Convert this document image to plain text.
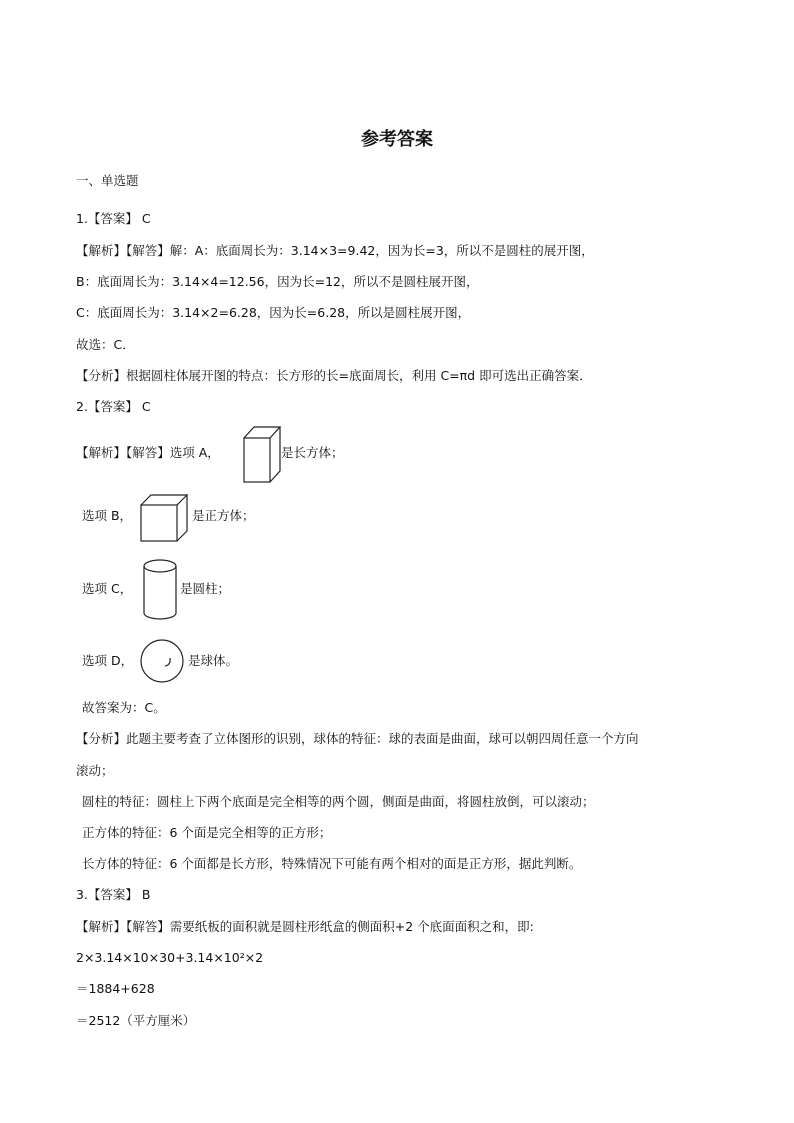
参考答案
一、单选题
1.【答案】 C
【解析】【解答】解：A：底面周长为：3.14×3=9.42，因为长=3，所以不是圆柱的展开图，
B：底面周长为：3.14×4=12.56，因为长=12，所以不是圆柱展开图，
C：底面周长为：3.14×2=6.28，因为长=6.28，所以是圆柱展开图，
故选：C．
【分析】根据圆柱体展开图的特点：长方形的长=底面周长，利用 C=πd 即可选出正确答案．
2.【答案】 C
【解析】【解答】选项 A，	是长方体；
选项 B，	是正方体；
选项 C，	是圆柱；
选项 D，	是球体。
故答案为：C。
【分析】此题主要考查了立体图形的识别，球体的特征：球的表面是曲面，球可以朝四周任意一个方向
滚动；
圆柱的特征：圆柱上下两个底面是完全相等的两个圆，侧面是曲面，将圆柱放倒，可以滚动；
正方体的特征：6 个面是完全相等的正方形；
长方体的特征：6 个面都是长方形，特殊情况下可能有两个相对的面是正方形，据此判断。
3.【答案】 B
【解析】【解答】需要纸板的面积就是圆柱形纸盒的侧面积+2 个底面面积之和，即:
2×3.14×10×30+3.14×10²×2
＝1884+628
＝2512（平方厘米）
